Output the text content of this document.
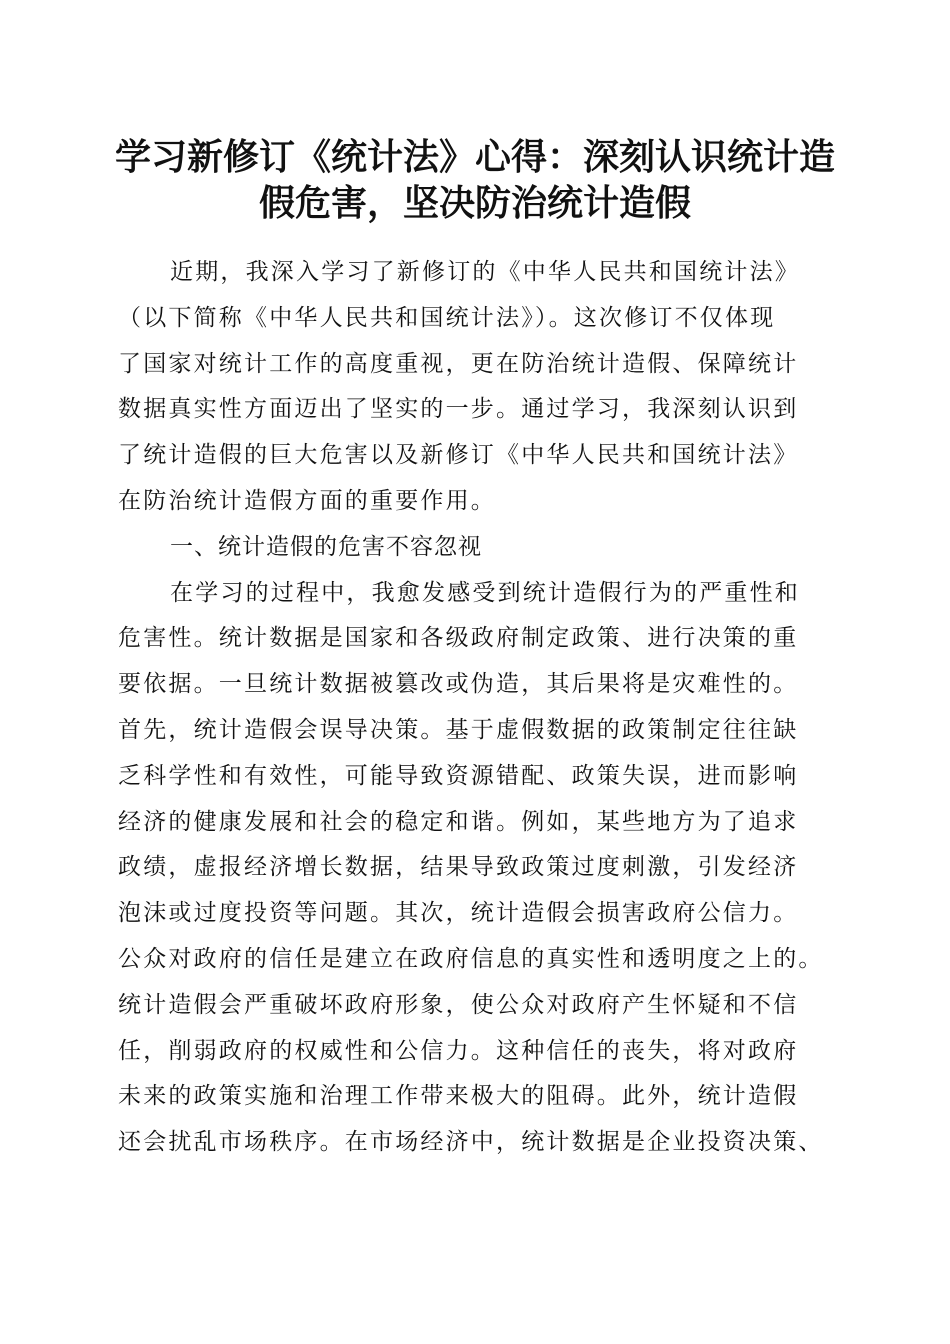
学习新修订《统计法》心得：深刻认识统计造
假危害，坚决防治统计造假
近期，我深入学习了新修订的《中华人民共和国统计法》
（以下简称《中华人民共和国统计法》）。这次修订不仅体现
了国家对统计工作的高度重视，更在防治统计造假、保障统计
数据真实性方面迈出了坚实的一步。通过学习，我深刻认识到
了统计造假的巨大危害以及新修订《中华人民共和国统计法》
在防治统计造假方面的重要作用。
一、统计造假的危害不容忽视
在学习的过程中，我愈发感受到统计造假行为的严重性和
危害性。统计数据是国家和各级政府制定政策、进行决策的重
要依据。一旦统计数据被篡改或伪造，其后果将是灾难性的。
首先，统计造假会误导决策。基于虚假数据的政策制定往往缺
乏科学性和有效性，可能导致资源错配、政策失误，进而影响
经济的健康发展和社会的稳定和谐。例如，某些地方为了追求
政绩，虚报经济增长数据，结果导致政策过度刺激，引发经济
泡沫或过度投资等问题。其次，统计造假会损害政府公信力。
公众对政府的信任是建立在政府信息的真实性和透明度之上的。
统计造假会严重破坏政府形象，使公众对政府产生怀疑和不信
任，削弱政府的权威性和公信力。这种信任的丧失，将对政府
未来的政策实施和治理工作带来极大的阻碍。此外，统计造假
还会扰乱市场秩序。在市场经济中，统计数据是企业投资决策、
